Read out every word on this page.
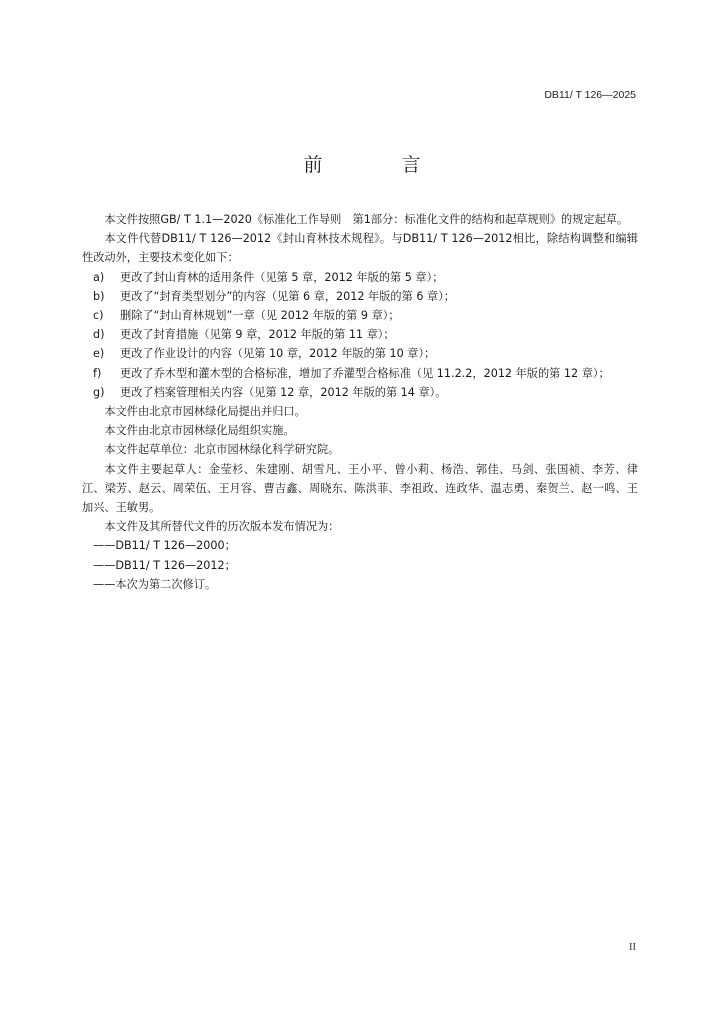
DB11/ T 126—2025
前　言

本文件按照GB/ T 1.1—2020《标准化工作导则　第1部分：标准化文件的结构和起草规则》的规定起草。

本文件代替DB11/ T 126—2012《封山育林技术规程》。与DB11/ T 126—2012相比，除结构调整和编辑性改动外，主要技术变化如下：

a)	更改了封山育林的适用条件（见第 5 章，2012 年版的第 5 章）；
b)	更改了“封育类型划分”的内容（见第 6 章，2012 年版的第 6 章）；
c)	删除了“封山育林规划”一章（见 2012 年版的第 9 章）；
d)	更改了封育措施（见第 9 章，2012 年版的第 11 章）；
e)	更改了作业设计的内容（见第 10 章，2012 年版的第 10 章）；
f)	更改了乔木型和灌木型的合格标准，增加了乔灌型合格标准（见 11.2.2，2012 年版的第 12 章）；
g)	更改了档案管理相关内容（见第 12 章，2012 年版的第 14 章）。

本文件由北京市园林绿化局提出并归口。

本文件由北京市园林绿化局组织实施。

本文件起草单位：北京市园林绿化科学研究院。

本文件主要起草人：金莹杉、朱建刚、胡雪凡、王小平、曾小莉、杨浩、郭佳、马剑、张国祯、李芳、律江、梁芳、赵云、周荣伍、王月容、曹吉鑫、周晓东、陈洪菲、李祖政、连政华、温志勇、秦贺兰、赵一鸣、王加兴、王敏男。

本文件及其所替代文件的历次版本发布情况为：

——DB11/ T 126—2000；

——DB11/ T 126—2012；

——本次为第二次修订。

II
